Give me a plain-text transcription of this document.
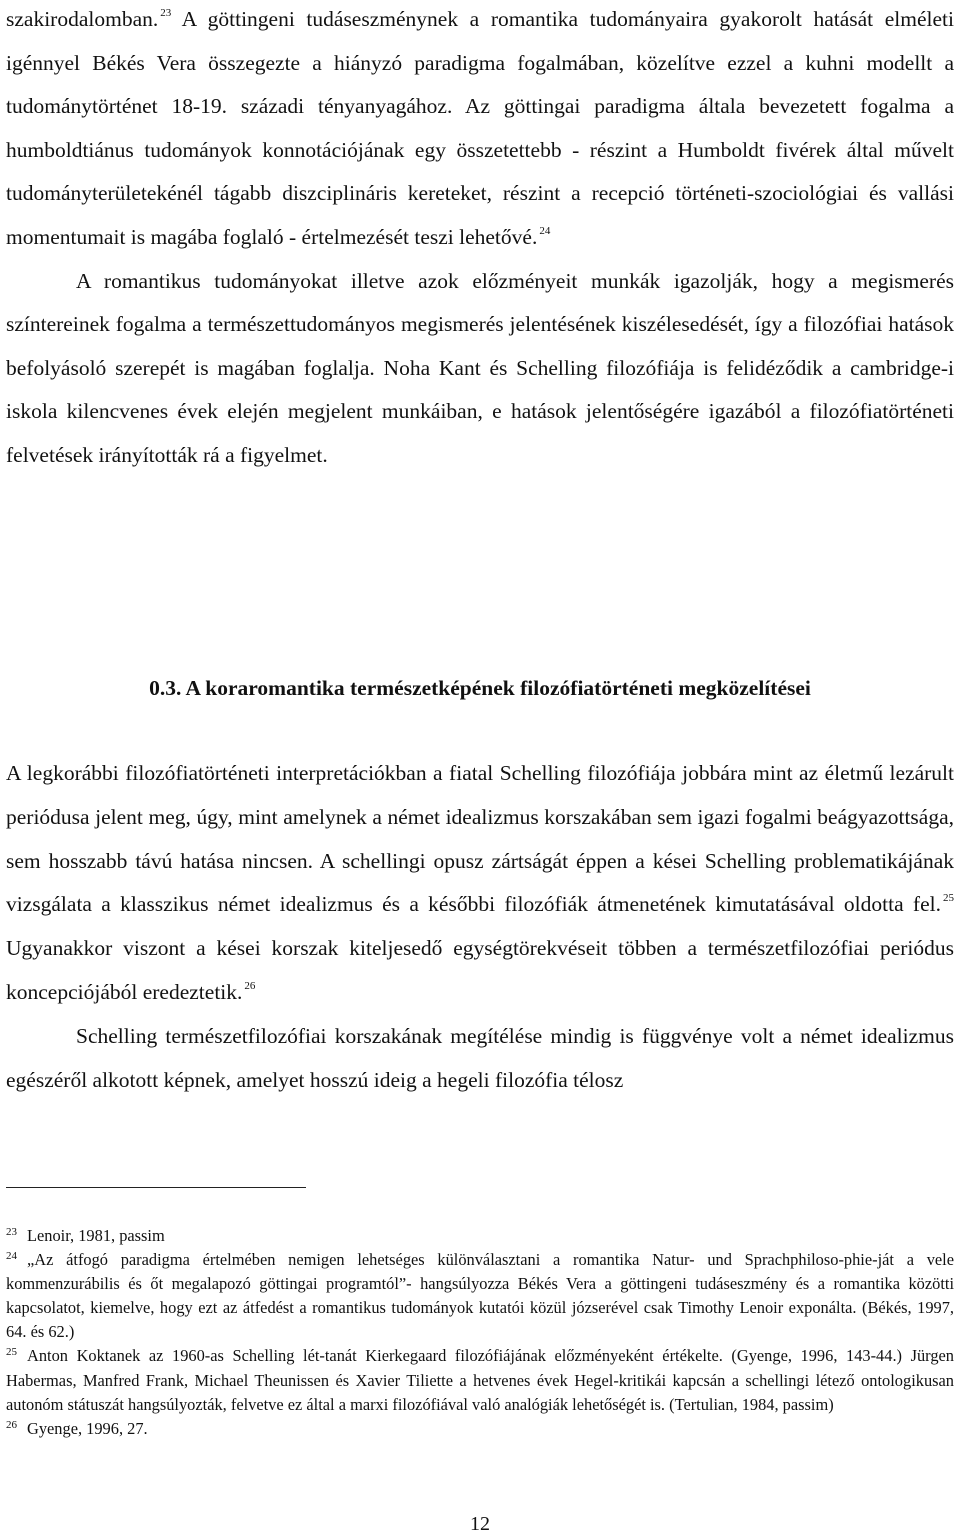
szakirodalomban. $^{23}$ A göttingeni tudáseszménynek a romantika tudományaira gyakorolt hatását elméleti igénnyel Békés Vera összegezte a hiányzó paradigma fogalmában, közelítve ezzel a kuhni modellt a tudománytörténet 18-19. századi tényanyagához. Az göttingai paradigma általa bevezetett fogalma a humboldtiánus tudományok konnotációjának egy összetettebb - részint a Humboldt fivérek által művelt tudományterületekénél tágabb diszciplináris kereteket, részint a recepció történeti-szociológiai és vallási momentumait is magába foglaló - értelmezését teszi lehetővé. $^{24}$

A romantikus tudományokat illetve azok előzményeit munkák igazolják, hogy a megismerés színtereinek fogalma a természettudományos megismerés jelentésének kiszélesedését, így a filozófiai hatások befolyásoló szerepét is magában foglalja. Noha Kant és Schelling filozófiája is felidéződik a cambridge-i iskola kilencvenes évek elején megjelent munkáiban, e hatások jelentőségére igazából a filozófiatörténeti felvetések irányították rá a figyelmet.

0.3. A koraromantika természetképének filozófiatörténeti megközelítései

A legkorábbi filozófiatörténeti interpretációkban a fiatal Schelling filozófiája jobbára mint az életmű lezárult periódusa jelent meg, úgy, mint amelynek a német idealizmus korszakában sem igazi fogalmi beágyazottsága, sem hosszabb távú hatása nincsen. A schellingi opusz zártságát éppen a kései Schelling problematikájának vizsgálata a klasszikus német idealizmus és a későbbi filozófiák átmenetének kimutatásával oldotta fel. $^{25}$ Ugyanakkor viszont a kései korszak kiteljesedő egységtörekvéseit többen a természetfilozófiai periódus koncepciójából eredeztetik. $^{26}$

Schelling természetfilozófiai korszakának megítélése mindig is függvénye volt a német idealizmus egészéről alkotott képnek, amelyet hosszú ideig a hegeli filozófia télosz

$^{23}$ Lenoir, 1981, passim

$^{24}$ „Az átfogó paradigma értelmében nemigen lehetséges különválasztani a romantika Natur- und Sprachphiloso-phie-ját a vele kommenzurábilis és őt megalapozó göttingai programtól”- hangsúlyozza Békés Vera a göttingeni tudáseszmény és a romantika közötti kapcsolatot, kiemelve, hogy ezt az átfedést a romantikus tudományok kutatói közül józserével csak Timothy Lenoir exponálta. (Békés, 1997, 64. és 62.)

$^{25}$ Anton Koktanek az 1960-as Schelling lét-tanát Kierkegaard filozófiájának előzményeként értékelte. (Gyenge, 1996, 143-44.) Jürgen Habermas, Manfred Frank, Michael Theunissen és Xavier Tiliette a hetvenes évek Hegel-kritikái kapcsán a schellingi létező ontologikusan autonóm státuszát hangsúlyozták, felvetve ez által a marxi filozófiával való analógiák lehetőségét is. (Tertulian, 1984, passim)

$^{26}$ Gyenge, 1996, 27.

12
